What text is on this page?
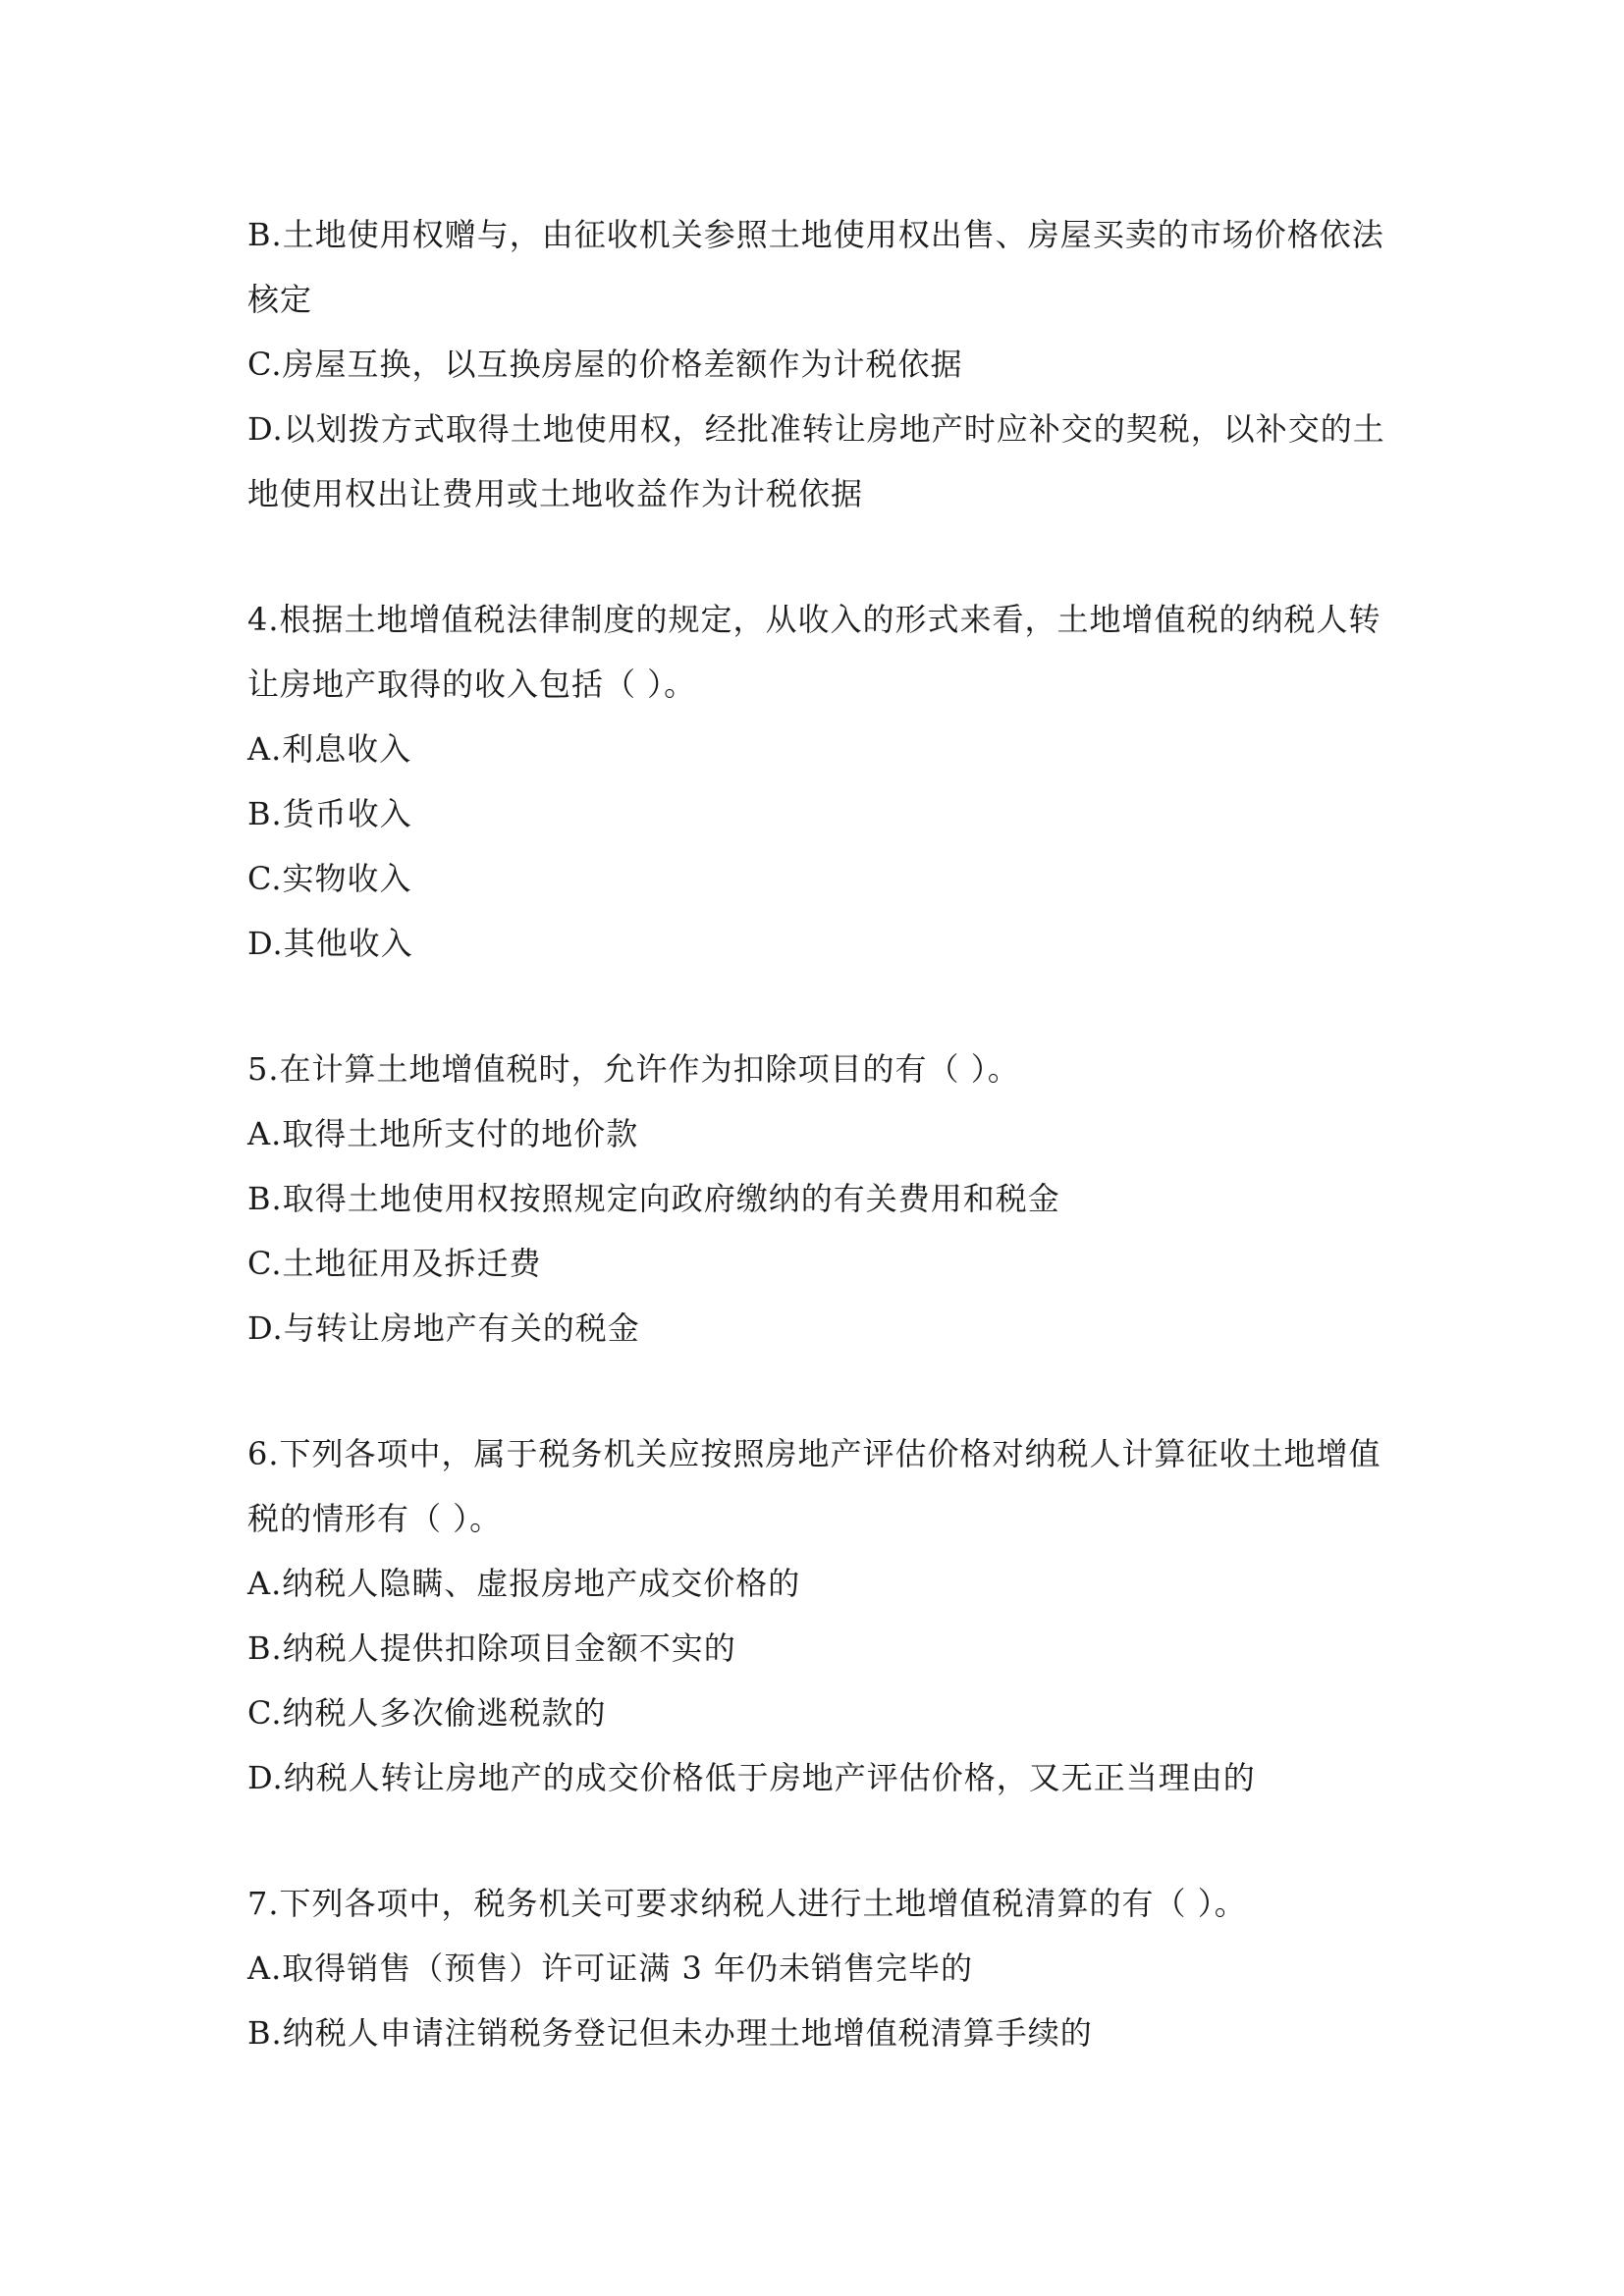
B.土地使用权赠与，由征收机关参照土地使用权出售、房屋买卖的市场价格依法
核定
C.房屋互换，以互换房屋的价格差额作为计税依据
D.以划拨方式取得土地使用权，经批准转让房地产时应补交的契税，以补交的土
地使用权出让费用或土地收益作为计税依据
4.根据土地增值税法律制度的规定，从收入的形式来看，土地增值税的纳税人转
让房地产取得的收入包括（ ）。
A.利息收入
B.货币收入
C.实物收入
D.其他收入
5.在计算土地增值税时，允许作为扣除项目的有（ ）。
A.取得土地所支付的地价款
B.取得土地使用权按照规定向政府缴纳的有关费用和税金
C.土地征用及拆迁费
D.与转让房地产有关的税金
6.下列各项中，属于税务机关应按照房地产评估价格对纳税人计算征收土地增值
税的情形有（ ）。
A.纳税人隐瞒、虚报房地产成交价格的
B.纳税人提供扣除项目金额不实的
C.纳税人多次偷逃税款的
D.纳税人转让房地产的成交价格低于房地产评估价格，又无正当理由的
7.下列各项中，税务机关可要求纳税人进行土地增值税清算的有（ ）。
A.取得销售（预售）许可证满 3 年仍未销售完毕的
B.纳税人申请注销税务登记但未办理土地增值税清算手续的
